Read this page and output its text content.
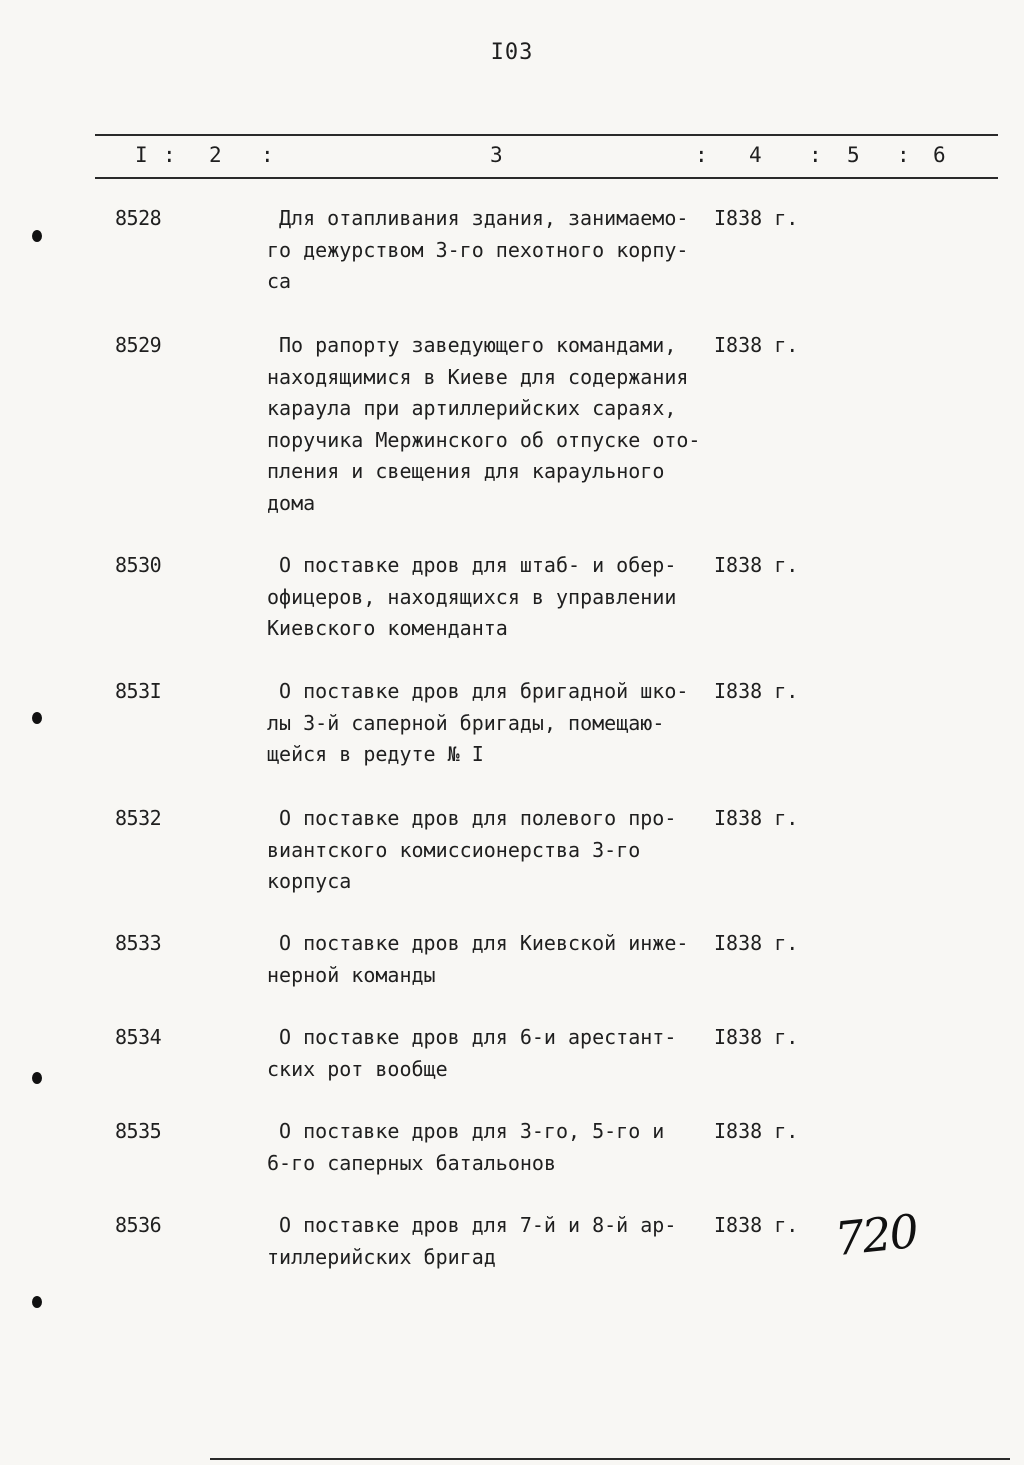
I03
I : 2 :	3	: 4 : 5 : 6
8528	Для отапливания здания, занимаемо-
го дежурством 3-го пехотного корпу-
са
I838 г.
8529	По рапорту заведующего командами,
находящимися в Киеве для содержания
караула при артиллерийских сараях,
поручика Мержинского об отпуске ото-
пления и свещения для караульного
дома
I838 г.
8530	О поставке дров для штаб- и обер-
офицеров, находящихся в управлении
Киевского коменданта
I838 г.
853I	О поставке дров для бригадной шко-
лы 3-й саперной бригады, помещаю-
щейся в редуте № I
I838 г.
8532	О поставке дров для полевого про-
виантского комиссионерства 3-го
корпуса
I838 г.
8533	О поставке дров для Киевской инже-
нерной команды
I838 г.
8534	О поставке дров для 6-и арестант-
ских рот вообще
I838 г.
8535	О поставке дров для 3-го, 5-го и
6-го саперных батальонов
I838 г.
8536	О поставке дров для 7-й и 8-й ар-
тиллерийских бригад
I838 г. 720
